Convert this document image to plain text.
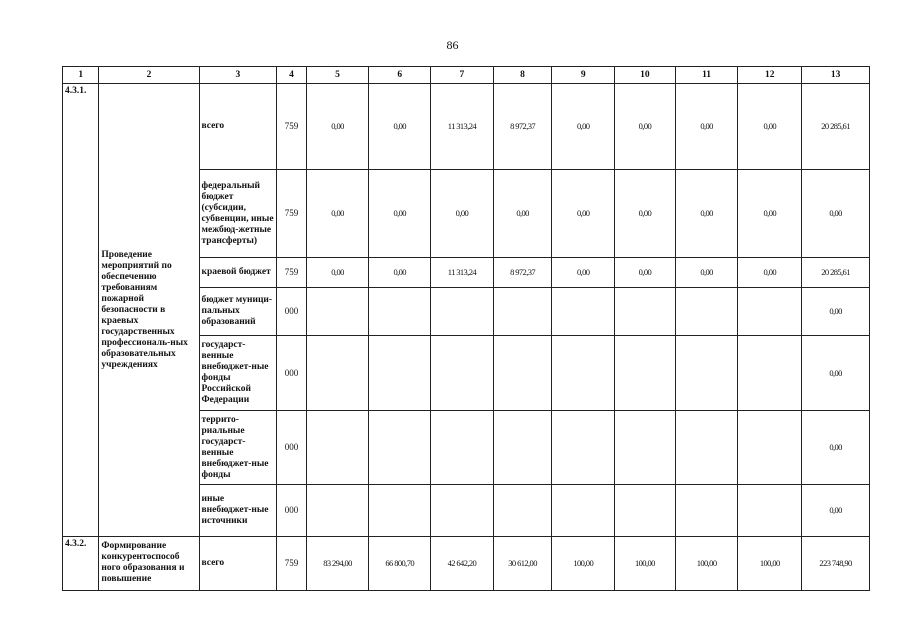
86
1	2	3	4	5	6	7	8	9	10	11	12	13
4.3.1.	Проведение мероприятий по обеспечению требованиям пожарной безопасности в краевых государственных профессиональ-ных образовательных учреждениях	всего	759	0,00	0,00	11 313,24	8 972,37	0,00	0,00	0,00	0,00	20 285,61
		федеральный бюджет (субсидии, субвенции, иные межбюд-жетные трансферты)	759	0,00	0,00	0,00	0,00	0,00	0,00	0,00	0,00	0,00
		краевой бюджет	759	0,00	0,00	11 313,24	8 972,37	0,00	0,00	0,00	0,00	20 285,61
		бюджет муници-пальных образований	000									0,00
		государст-венные внебюджет-ные фонды Российской Федерации	000									0,00
		террито-риальные государст-венные внебюджет-ные фонды	000									0,00
		иные внебюджет-ные источники	000									0,00
4.3.2.	Формирование конкурентоспособ ного образования и повышение	всего	759	83 294,00	66 800,70	42 642,20	30 612,00	100,00	100,00	100,00	100,00	223 748,90
